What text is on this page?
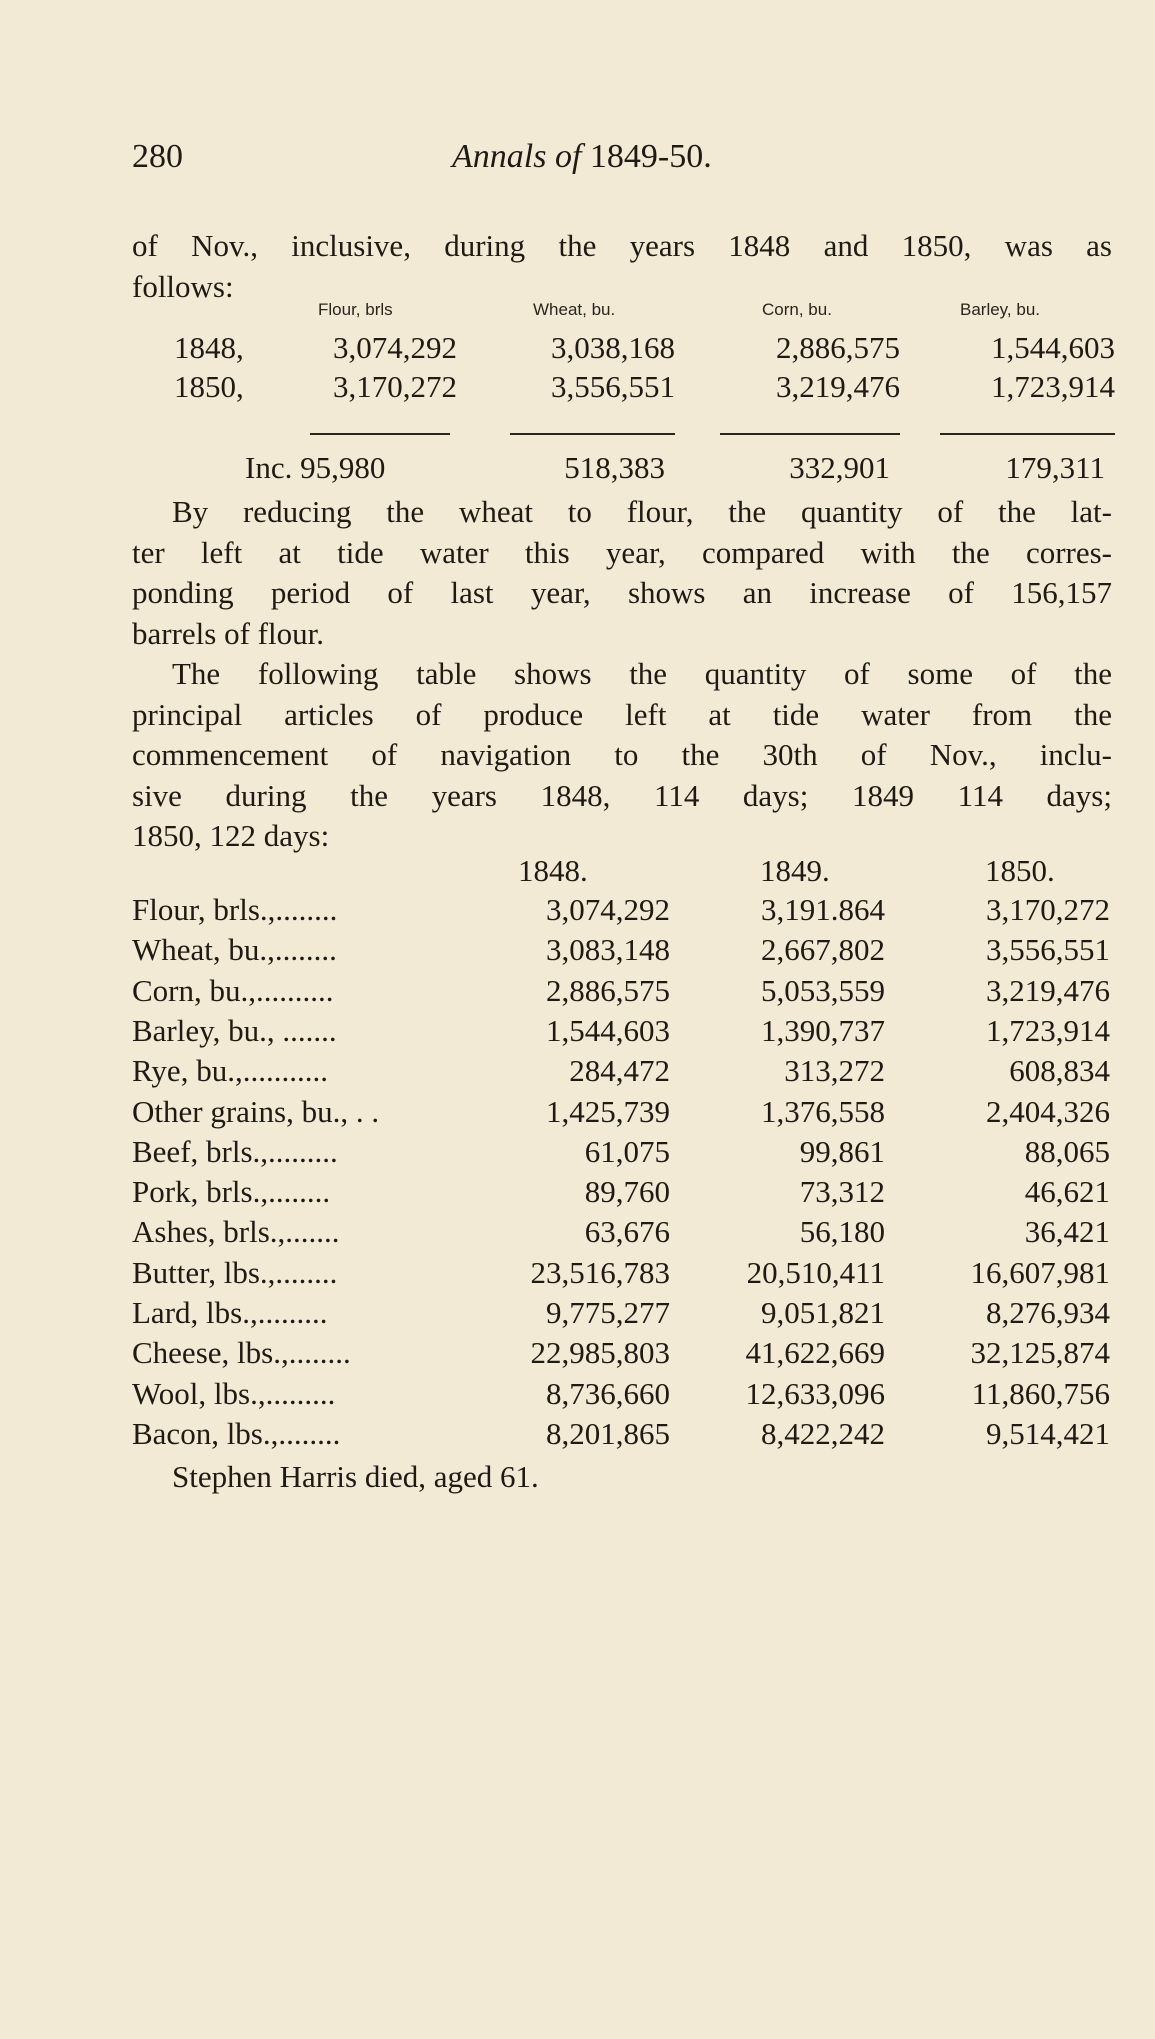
280	Annals of 1849-50.
of Nov., inclusive, during the years 1848 and 1850, was as
follows:
Flour, brls	Wheat, bu.	Corn, bu.	Barley, bu.
1848,	3,074,292	3,038,168	2,886,575	1,544,603
1850,	3,170,272	3,556,551	3,219,476	1,723,914
Inc. 95,980	518,383	332,901	179,311
By reducing the wheat to flour, the quantity of the lat-
ter left at tide water this year, compared with the corres-
ponding period of last year, shows an increase of 156,157
barrels of flour.
The following table shows the quantity of some of the
principal articles of produce left at tide water from the
commencement of navigation to the 30th of Nov., inclu-
sive during the years 1848, 114 days; 1849 114 days;
1850, 122 days:
1848.	1849.	1850.
Flour, brls.,........	3,074,292	3,191.864	3,170,272
Wheat, bu.,........	3,083,148	2,667,802	3,556,551
Corn, bu.,..........	2,886,575	5,053,559	3,219,476
Barley, bu., .......	1,544,603	1,390,737	1,723,914
Rye, bu.,...........	284,472	313,272	608,834
Other grains, bu., . .	1,425,739	1,376,558	2,404,326
Beef, brls.,.........	61,075	99,861	88,065
Pork, brls.,........	89,760	73,312	46,621
Ashes, brls.,.......	63,676	56,180	36,421
Butter, lbs.,........	23,516,783	20,510,411	16,607,981
Lard, lbs.,.........	9,775,277	9,051,821	8,276,934
Cheese, lbs.,........	22,985,803	41,622,669	32,125,874
Wool, lbs.,.........	8,736,660	12,633,096	11,860,756
Bacon, lbs.,........	8,201,865	8,422,242	9,514,421
Stephen Harris died, aged 61.
